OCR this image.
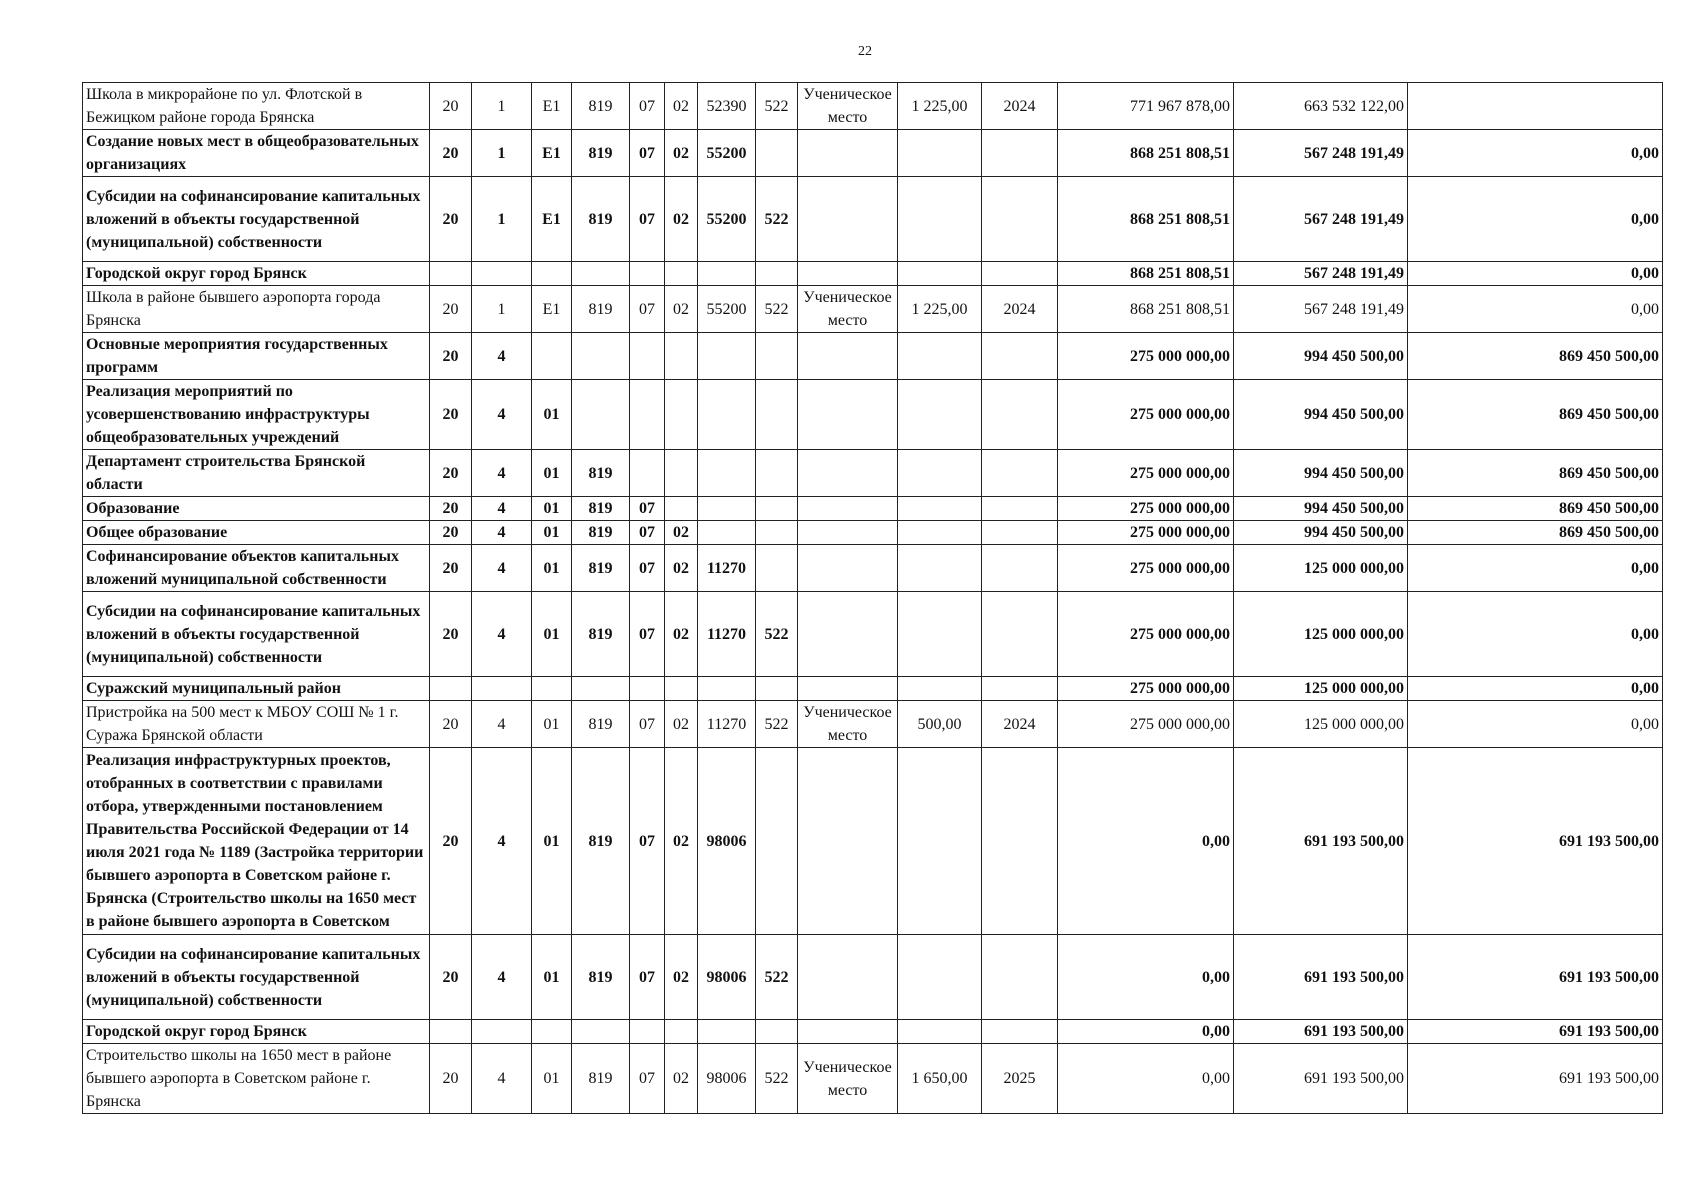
22
Школа в микрорайоне по ул. Флотской в Бежицком районе города Брянска	20	1	Е1	819	07	02	52390	522	Ученическое место	1 225,00	2024	771 967 878,00	663 532 122,00	
Создание новых мест в общеобразовательных организациях	20	1	Е1	819	07	02	55200					868 251 808,51	567 248 191,49	0,00
Субсидии на софинансирование капитальных вложений в объекты государственной (муниципальной) собственности	20	1	Е1	819	07	02	55200	522				868 251 808,51	567 248 191,49	0,00
Городской округ город Брянск												868 251 808,51	567 248 191,49	0,00
Школа в районе бывшего аэропорта города Брянска	20	1	Е1	819	07	02	55200	522	Ученическое место	1 225,00	2024	868 251 808,51	567 248 191,49	0,00
Основные мероприятия государственных программ	20	4										275 000 000,00	994 450 500,00	869 450 500,00
Реализация мероприятий по усовершенствованию инфраструктуры общеобразовательных учреждений	20	4	01									275 000 000,00	994 450 500,00	869 450 500,00
Департамент строительства Брянской области	20	4	01	819								275 000 000,00	994 450 500,00	869 450 500,00
Образование	20	4	01	819	07							275 000 000,00	994 450 500,00	869 450 500,00
Общее образование	20	4	01	819	07	02						275 000 000,00	994 450 500,00	869 450 500,00
Софинансирование объектов капитальных вложений муниципальной собственности	20	4	01	819	07	02	11270					275 000 000,00	125 000 000,00	0,00
Субсидии на софинансирование капитальных вложений в объекты государственной (муниципальной) собственности	20	4	01	819	07	02	11270	522				275 000 000,00	125 000 000,00	0,00
Суражский муниципальный район												275 000 000,00	125 000 000,00	0,00
Пристройка на 500 мест к МБОУ СОШ № 1 г. Суража Брянской области	20	4	01	819	07	02	11270	522	Ученическое место	500,00	2024	275 000 000,00	125 000 000,00	0,00
Реализация инфраструктурных проектов, отобранных в соответствии с правилами отбора, утвержденными постановлением Правительства Российской Федерации от 14 июля 2021 года № 1189 (Застройка территории бывшего аэропорта в Советском районе г. Брянска (Строительство школы на 1650 мест в районе бывшего аэропорта в Советском	20	4	01	819	07	02	98006					0,00	691 193 500,00	691 193 500,00
Субсидии на софинансирование капитальных вложений в объекты государственной (муниципальной) собственности	20	4	01	819	07	02	98006	522				0,00	691 193 500,00	691 193 500,00
Городской округ город Брянск												0,00	691 193 500,00	691 193 500,00
Строительство школы на 1650 мест в районе бывшего аэропорта в Советском районе г. Брянска	20	4	01	819	07	02	98006	522	Ученическое место	1 650,00	2025	0,00	691 193 500,00	691 193 500,00
